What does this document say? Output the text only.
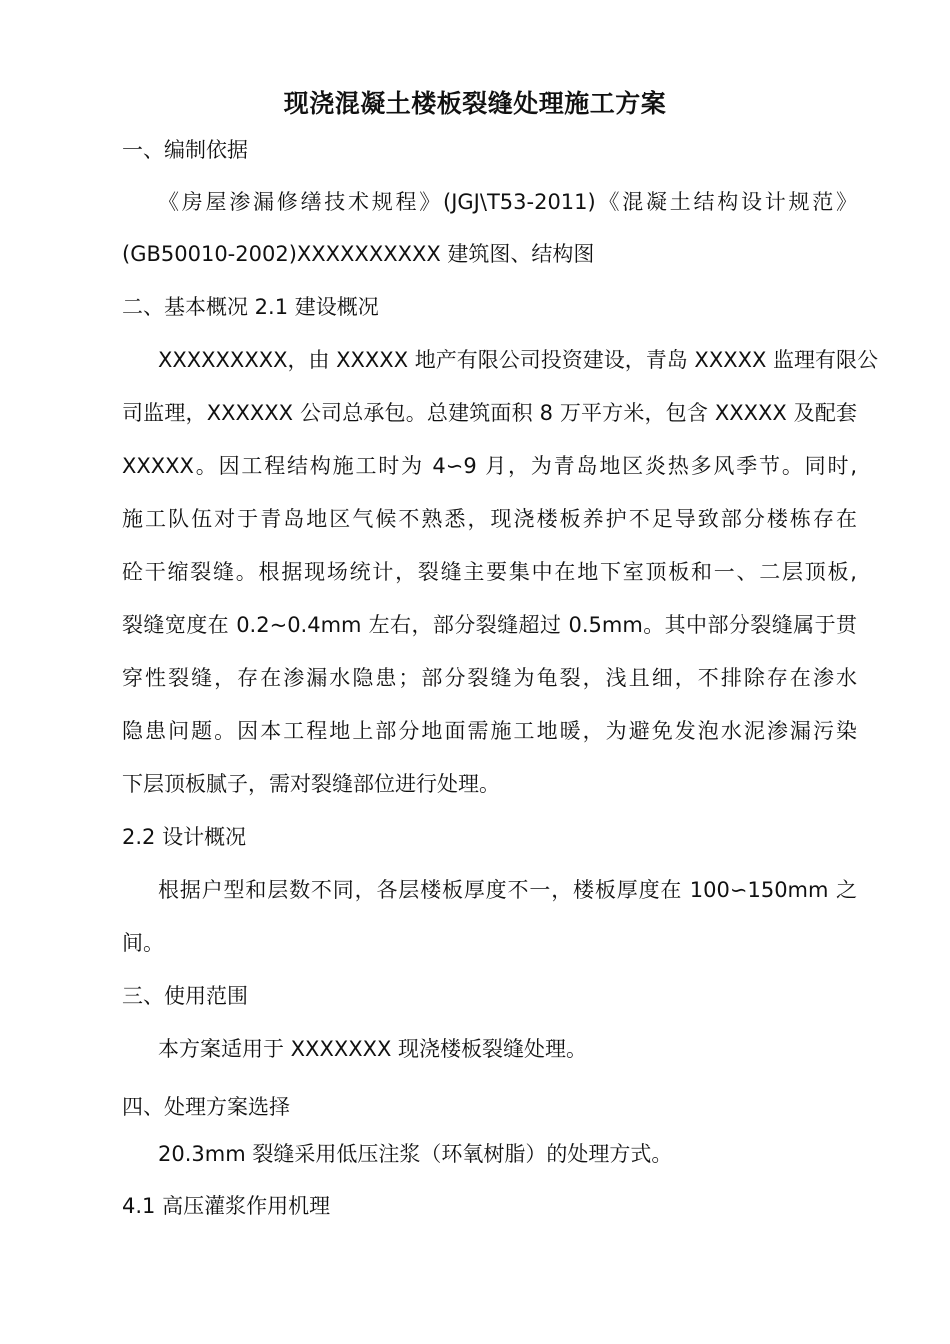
现浇混凝土楼板裂缝处理施工方案
一、编制依据
《房屋渗漏修缮技术规程》(JGJ\T53-2011)《混凝土结构设计规范》
(GB50010-2002)XXXXXXXXXX 建筑图、结构图
二、基本概况 2.1 建设概况
XXXXXXXXX，由 XXXXX 地产有限公司投资建设，青岛 XXXXX 监理有限公
司监理，XXXXXX 公司总承包。总建筑面积 8 万平方米，包含 XXXXX 及配套
XXXXX。因工程结构施工时为 4∽9 月，为青岛地区炎热多风季节。同时,
施工队伍对于青岛地区气候不熟悉，现浇楼板养护不足导致部分楼栋存在
砼干缩裂缝。根据现场统计，裂缝主要集中在地下室顶板和一、二层顶板,
裂缝宽度在 0.2~0.4mm 左右，部分裂缝超过 0.5mm。其中部分裂缝属于贯
穿性裂缝，存在渗漏水隐患；部分裂缝为龟裂，浅且细，不排除存在渗水
隐患问题。因本工程地上部分地面需施工地暖，为避免发泡水泥渗漏污染
下层顶板腻子，需对裂缝部位进行处理。
2.2 设计概况
根据户型和层数不同，各层楼板厚度不一，楼板厚度在 100∽150mm 之
间。
三、使用范围
本方案适用于 XXXXXXX 现浇楼板裂缝处理。
四、处理方案选择
20.3mm 裂缝采用低压注浆（环氧树脂）的处理方式。
4.1 高压灌浆作用机理
